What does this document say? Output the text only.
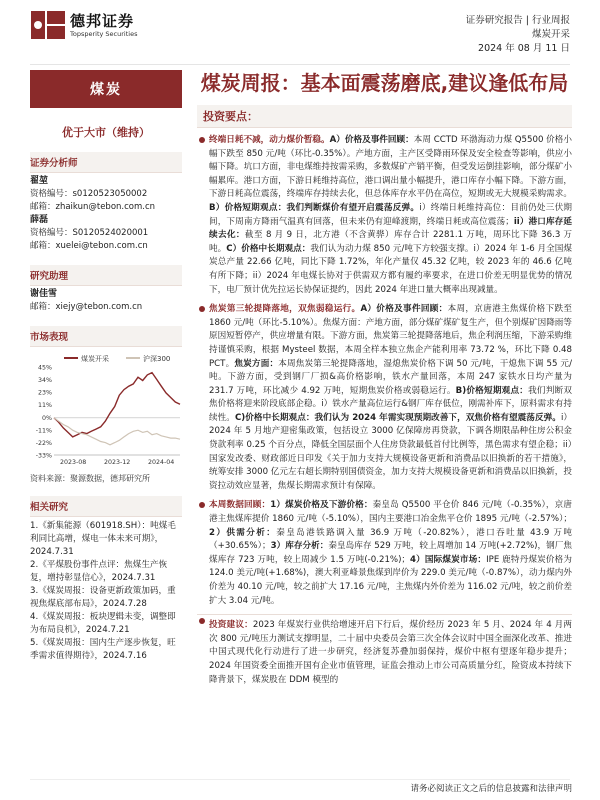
德邦证券
Topsperity Securities
证券研究报告 | 行业周报
煤炭开采
2024 年 08 月 11 日
煤炭
优于大市（维持）
证券分析师
翟堃
资格编号：s0120523050002
邮箱：zhaikun@tebon.com.cn
薛磊
资格编号：S0120524020001
邮箱：xuelei@tebon.com.cn
研究助理
谢佳雪
邮箱：xiejy@tebon.com.cn
市场表现
煤炭开采	沪深300
45%
34%
23%
11%
0%
-11%
-22%
-33%
2023-08	2023-12	2024-04
资料来源：聚源数据，德邦研究所
相关研究
1.《新集能源（601918.SH）：吨煤毛利同比高增，煤电一体未来可期》，2024.7.31
2.《平煤股份事件点评：焦煤生产恢复，增持彰显信心》，2024.7.31
3.《煤炭周报：设备更新政策加码，重视焦煤底部布局》，2024.7.28
4.《煤炭周报：板块逻辑未变，调整即为布局良机》，2024.7.21
5.《煤炭周报：国内生产逐步恢复，旺季需求值得期待》，2024.7.16
煤炭周报：基本面震荡磨底,建议逢低布局
投资要点：
终端日耗不减，动力煤价暂稳。A）价格及事件回顾：本周 CCTD 环渤海动力煤 Q5500 价格小幅下跌至 850 元/吨（环比-0.35%）。产地方面，主产区受降雨环保及安全检查等影响，供应小幅下降。坑口方面，非电煤维持按需采购，多数煤矿产销平衡，但受发运倒挂影响，部分煤矿小幅累库。港口方面，下游日耗维持高位，港口调出量小幅提升，港口库存小幅下降。下游方面，下游日耗高位震荡，终端库存持续去化，但总体库存水平仍在高位，短期或无大规模采购需求。B）价格短期观点：我们判断煤价有望开启震荡反弹。i）终端日耗维持高位：目前仍处三伏期间，下周南方降雨气温真有回落，但未来仍有迎峰渡期，终端日耗或高位震荡；ii）港口库存延续去化：截至 8 月 9 日，北方港（不含黄骅）库存合计 2281.1 万吨，周环比下降 36.3 万吨。C）价格中长期观点：我们认为动力煤 850 元/吨下方较强支撑。i）2024 年 1-6 月全国煤炭总产量 22.66 亿吨，同比下降 1.72%，年化产量仅 45.32 亿吨，较 2023 年的 46.6 亿吨有所下降；ii）2024 年电煤长协对于供需双方都有履约率要求，在进口价差无明显优势的情况下，电厂预计优先拉运长协保证提约，因此 2024 年进口量大概率出现减量。
焦炭第三轮提降落地，双焦弱稳运行。A）价格及事件回顾：本周，京唐港主焦煤价格下跌至 1860 元/吨（环比-5.10%）。焦煤方面：产地方面，部分煤矿煤矿复生产，但个别煤矿因降雨等原因短暂停产，供应增量有限。下游方面，焦炭第三轮提降落地后，焦企利润压缩，下游采购维持谨慎采购，根据 Mysteel 数据，本周全样本独立焦企产能利用率 73.72 %，环比下降 0.48 PCT。焦炭方面：本周焦炭第三轮提降落地，湿熄焦炭价格下调 50 元/吨，干熄焦下调 55 元/吨。下游方面，受到钢厂厂损&高价格影响，铁水产量回落，本周 247 家铁水日均产量为 231.7 万吨，环比减少 4.92 万吨，短期焦炭价格或弱稳运行。B)价格短期观点：我们判断双焦价格将迎来阶段底部企稳。i）铁水产量高位运行&钢厂库存低位，刚需补库下，原料需求有持续性。C)价格中长期观点：我们认为 2024 年需实现预期改善下，双焦价格有望震荡反弹。i）2024 年 5 月地产迎密集政策，包括设立 3000 亿保障房再贷款，下调各期限品种住房公积金贷款利率 0.25 个百分点，降低全国层面个人住房贷款最低首付比例等，黑色需求有望企稳；ii）国家发改委、财政部近日印发《关于加力支持大规模设备更新和消费品以旧换新的若干措施》，统筹安排 3000 亿元左右超长期特别国债资金，加力支持大规模设备更新和消费品以旧换新，投资拉动效应显著，焦煤长期需求预计有保障。
本周数据回顾：1）煤炭价格及下游价格：秦皇岛 Q5500 平仓价 846 元/吨（-0.35%），京唐港主焦煤库提价 1860 元/吨（-5.10%），国内主要港口冶金焦平仓价 1895 元/吨（-2.57%）；2）供需分析：秦皇岛港铁路调入量 36.9 万吨（-20.82%），港口吞吐量 43.9 万吨（+30.65%）；3）库存分析：秦皇岛库存 529 万吨，较上周增加 14 万吨(+2.72%)，钢厂焦煤库存 723 万吨，较上周减少 1.5 万吨(-0.21%)；4）国际煤炭市场：IPE 鹿特丹煤炭价格为 124.0 美元/吨(+1.68%)，澳大利亚峰景焦煤到岸价为 229.0 美元/吨（-0.87%），动力煤内外价差为 40.10 元/吨，较之前扩大 17.16 元/吨，主焦煤内外价差为 116.02 元/吨，较之前价差扩大 3.04 元/吨。
投资建议：2023 年煤炭行业供给增速开启下行后，煤价经历 2023 年 5 月、2024 年 4 月两次 800 元/吨压力测试支撑明显，二十届中央委员会第三次全体会议时中国全面深化改革、推进中国式现代化行动进行了进一步研究，经济复苏叠加弱保持，煤价中枢有望逐年稳步提升；2024 年国资委全面推开国有企业市值管理，证监会推动上市公司高质量分红，险资成本持续下降背景下，煤炭股在 DDM 模型的
请务必阅读正文之后的信息披露和法律声明
